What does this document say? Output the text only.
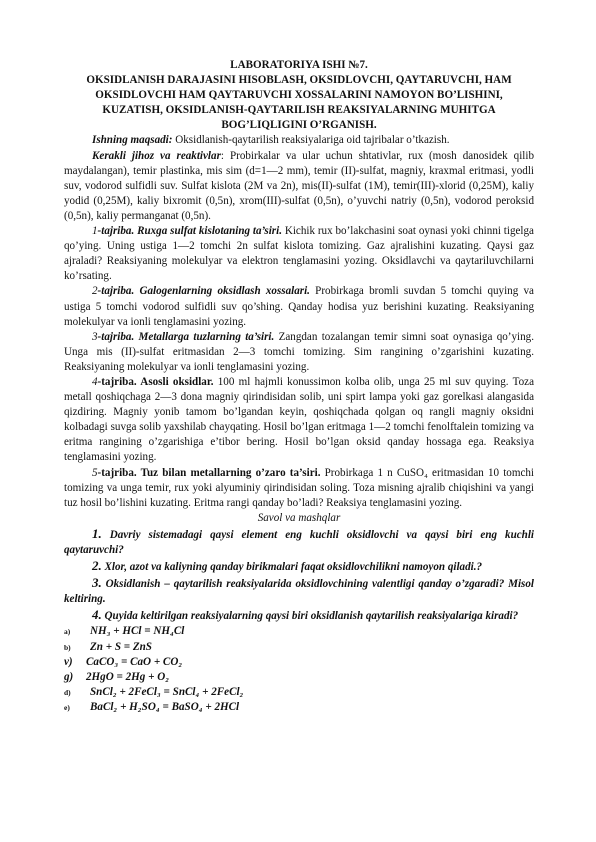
LABORATORIYA ISHI №7.
OKSIDLANISH DARAJASINI HISOBLASH, OKSIDLOVCHI, QAYTARUVCHI, HAM
OKSIDLOVCHI HAM QAYTARUVCHI XOSSALARINI NAMOYON BO’LISHINI,
KUZATISH, OKSIDLANISH-QAYTARILISH REAKSIYALARNING MUHITGA
BOG’LIQLIGINI O’RGANISH.
Ishning maqsadi: Oksidlanish-qaytarilish reaksiyalariga oid tajribalar o’tkazish.
Kerakli jihoz va reaktivlar: Probirkalar va ular uchun shtativlar, rux (mosh danosidek qilib maydalangan), temir plastinka, mis sim (d=1—2 mm), temir (II)-sulfat, magniy, kraxmal eritmasi, yodli suv, vodorod sulfidli suv. Sulfat kislota (2M va 2n), mis(II)-sulfat (1M), temir(III)-xlorid (0,25M), kaliy yodid (0,25M), kaliy bixromit (0,5n), xrom(III)-sulfat (0,5n), o’yuvchi natriy (0,5n), vodorod peroksid (0,5n), kaliy permanganat (0,5n).
1-tajriba. Ruxga sulfat kislotaning ta’siri. Kichik rux bo’lakchasini soat oynasi yoki chinni tigelga qo’ying. Uning ustiga 1—2 tomchi 2n sulfat kislota tomizing. Gaz ajralishini kuzating. Qaysi gaz ajraladi? Reaksiyaning molekulyar va elektron tenglamasini yozing. Oksidlavchi va qaytariluvchilarni ko’rsating.
2-tajriba. Galogenlarning oksidlash xossalari. Probirkaga bromli suvdan 5 tomchi quying va ustiga 5 tomchi vodorod sulfidli suv qo’shing. Qanday hodisa yuz berishini kuzating. Reaksiyaning molekulyar va ionli tenglamasini yozing.
3-tajriba. Metallarga tuzlarning ta’siri. Zangdan tozalangan temir simni soat oynasiga qo’ying. Unga mis (II)-sulfat eritmasidan 2—3 tomchi tomizing. Sim rangining o’zgarishini kuzating. Reaksiyaning molekulyar va ionli tenglamasini yozing.
4-tajriba. Asosli oksidlar. 100 ml hajmli konussimon kolba olib, unga 25 ml suv quying. Toza metall qoshiqchaga 2—3 dona magniy qirindisidan solib, uni spirt lampa yoki gaz gorelkasi alangasida qizdiring. Magniy yonib tamom bo’lgandan keyin, qoshiqchada qolgan oq rangli magniy oksidni kolbadagi suvga solib yaxshilab chayqating. Hosil bo’lgan eritmaga 1—2 tomchi fenolftalein tomizing va eritma rangining o’zgarishiga e’tibor bering. Hosil bo’lgan oksid qanday hossaga ega. Reaksiya tenglamasini yozing.
5-tajriba. Tuz bilan metallarning o’zaro ta’siri. Probirkaga 1 n CuSO₄ eritmasidan 10 tomchi tomizing va unga temir, rux yoki alyuminiy qirindisidan soling. Toza misning ajralib chiqishini va yangi tuz hosil bo’lishini kuzating. Eritma rangi qanday bo’ladi? Reaksiya tenglamasini yozing.
Savol va mashqlar
1. Davriy sistemadagi qaysi element eng kuchli oksidlovchi va qaysi biri eng kuchli qaytaruvchi?
2. Xlor, azot va kaliyning qanday birikmalari faqat oksidlovchilikni namoyon qiladi.?
3. Oksidlanish – qaytarilish reaksiyalarida oksidlovchining valentligi qanday o’zgaradi? Misol keltiring.
4. Quyida keltirilgan reaksiyalarning qaysi biri oksidlanish qaytarilish reaksiyalariga kiradi?
a)	NH₃ + HCl = NH₄Cl
b)	Zn + S = ZnS
v)	CaCO₃ = CaO + CO₂
g)	2HgO = 2Hg + O₂
d)	SnCl₂ + 2FeCl₃ = SnCl₄ + 2FeCl₂
e)	BaCl₂ + H₂SO₄ = BaSO₄ + 2HCl
